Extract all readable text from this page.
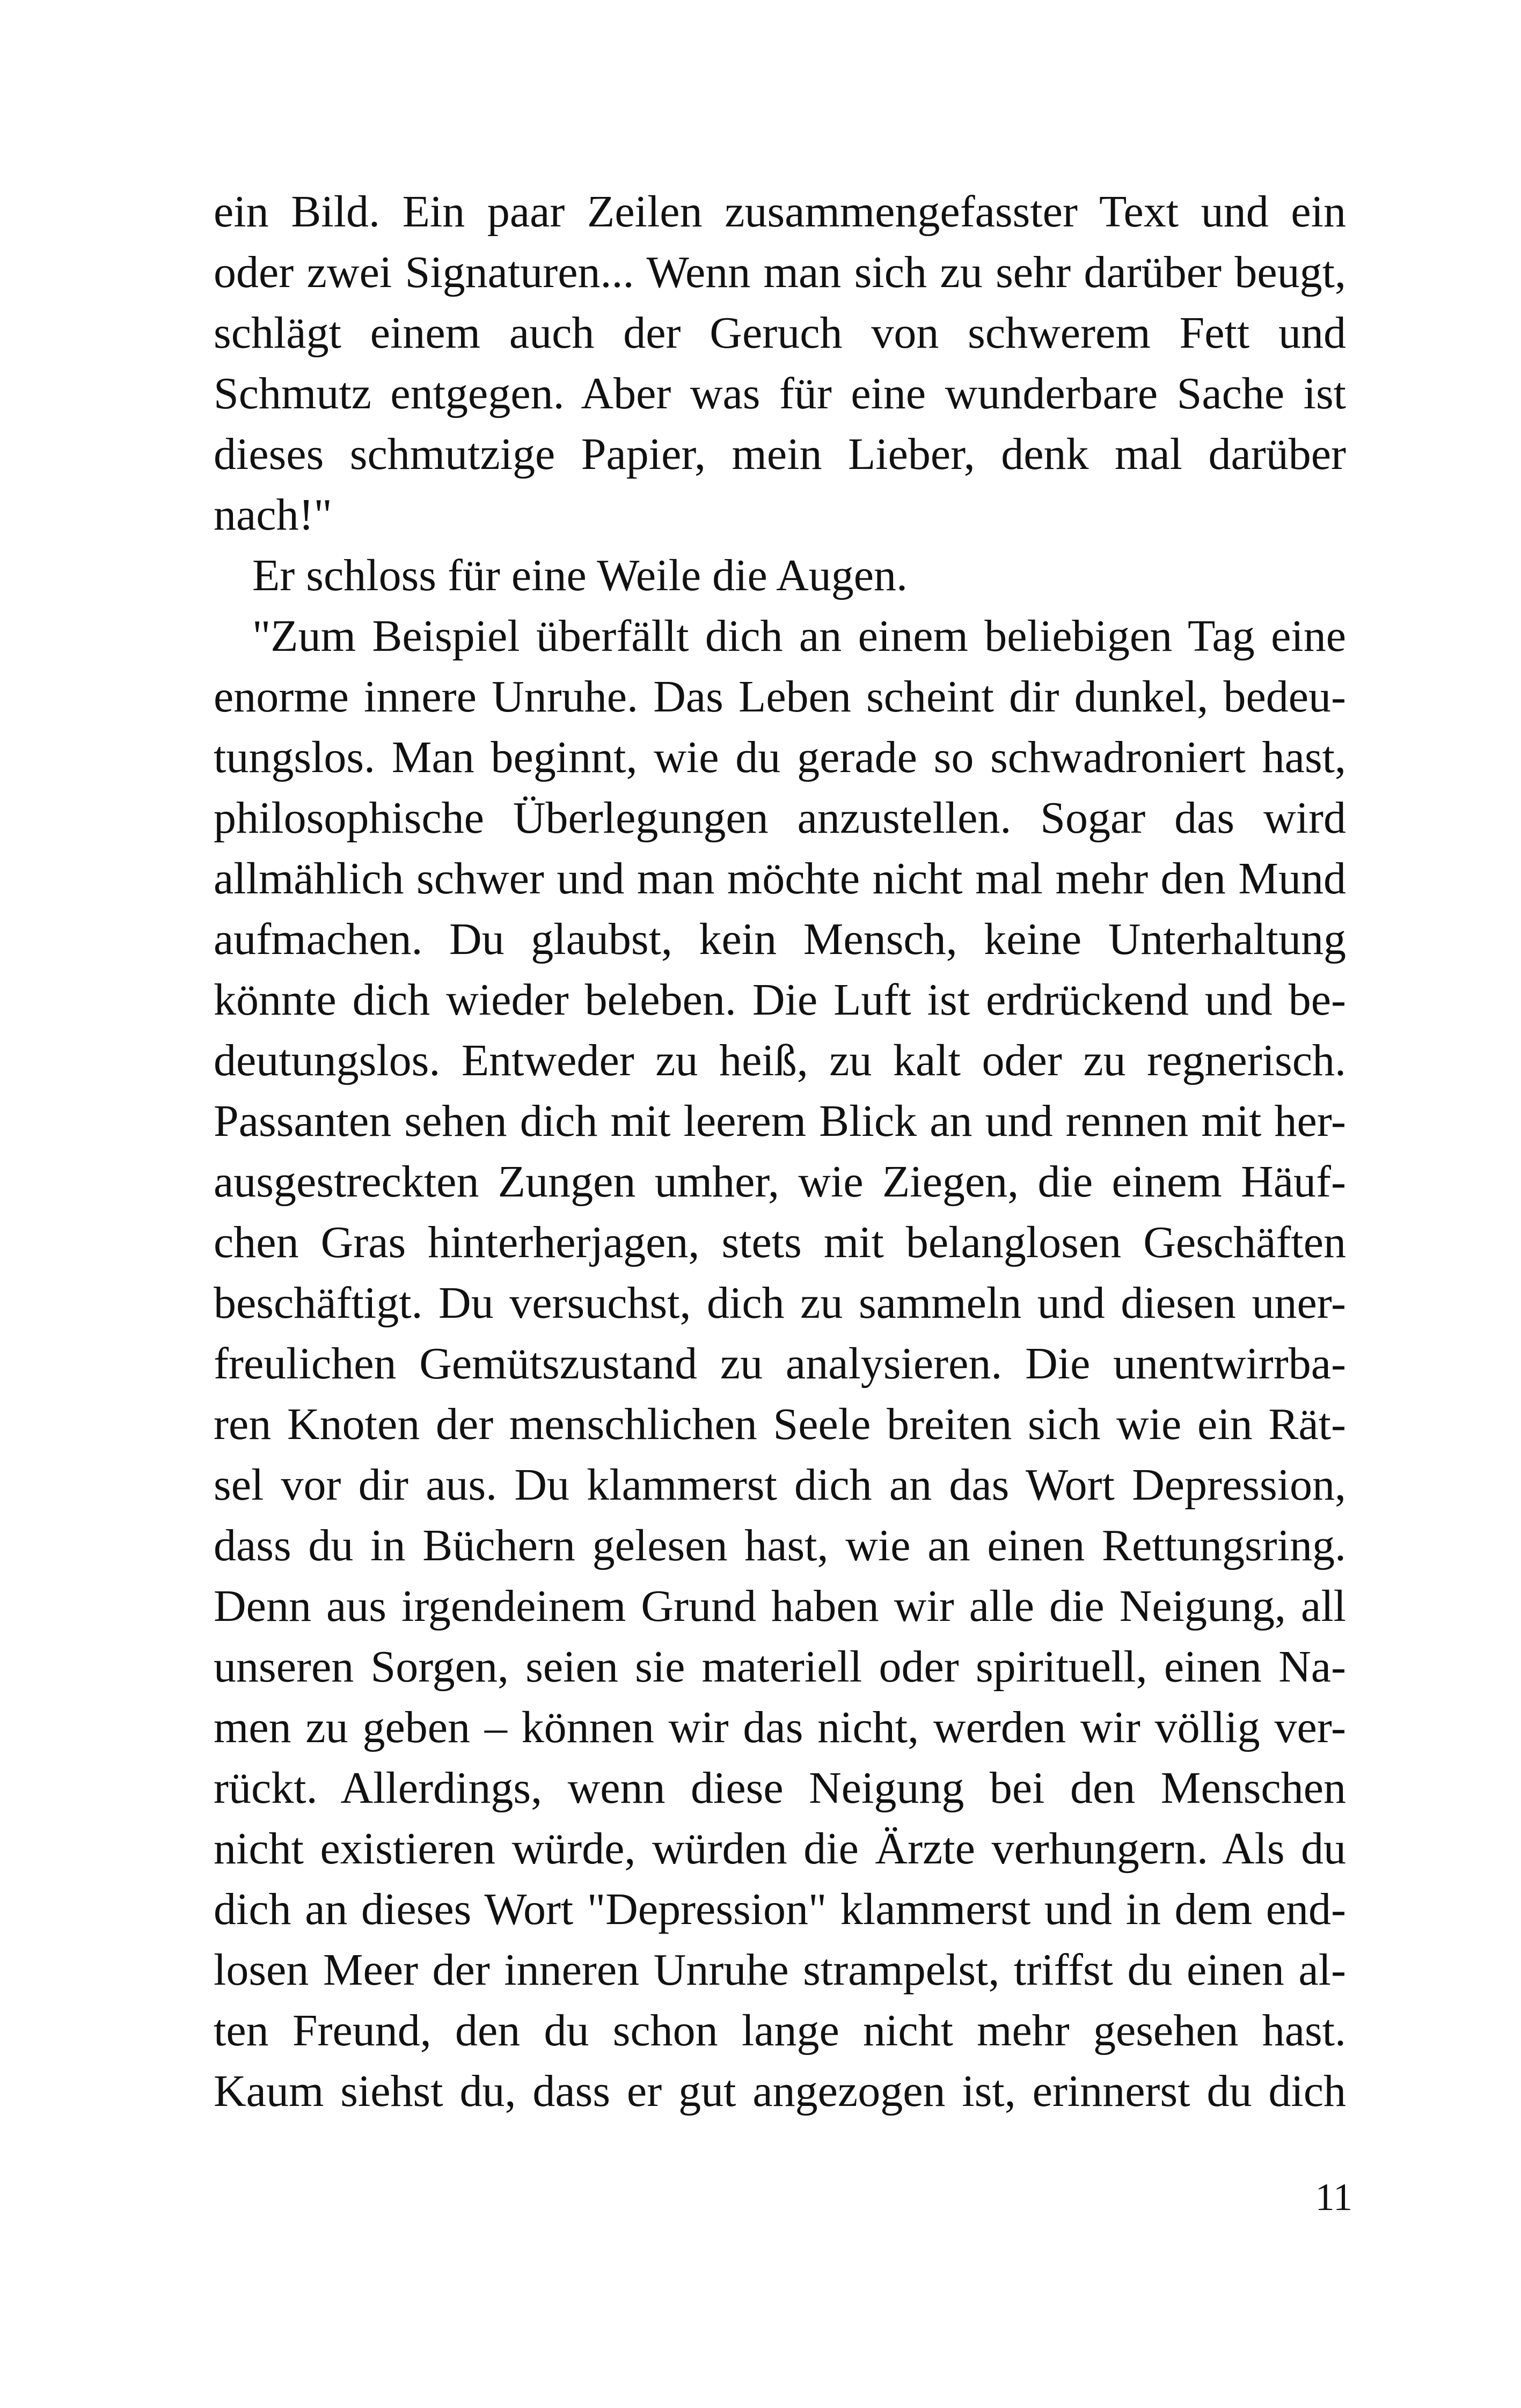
ein Bild. Ein paar Zeilen zusammengefasster Text und ein
oder zwei Signaturen... Wenn man sich zu sehr darüber beugt,
schlägt einem auch der Geruch von schwerem Fett und
Schmutz entgegen. Aber was für eine wunderbare Sache ist
dieses schmutzige Papier, mein Lieber, denk mal darüber
nach!"
Er schloss für eine Weile die Augen.
"Zum Beispiel überfällt dich an einem beliebigen Tag eine
enorme innere Unruhe. Das Leben scheint dir dunkel, bedeu-
tungslos. Man beginnt, wie du gerade so schwadroniert hast,
philosophische Überlegungen anzustellen. Sogar das wird
allmählich schwer und man möchte nicht mal mehr den Mund
aufmachen. Du glaubst, kein Mensch, keine Unterhaltung
könnte dich wieder beleben. Die Luft ist erdrückend und be-
deutungslos. Entweder zu heiß, zu kalt oder zu regnerisch.
Passanten sehen dich mit leerem Blick an und rennen mit her-
ausgestreckten Zungen umher, wie Ziegen, die einem Häuf-
chen Gras hinterherjagen, stets mit belanglosen Geschäften
beschäftigt. Du versuchst, dich zu sammeln und diesen uner-
freulichen Gemütszustand zu analysieren. Die unentwirrba-
ren Knoten der menschlichen Seele breiten sich wie ein Rät-
sel vor dir aus. Du klammerst dich an das Wort Depression,
dass du in Büchern gelesen hast, wie an einen Rettungsring.
Denn aus irgendeinem Grund haben wir alle die Neigung, all
unseren Sorgen, seien sie materiell oder spirituell, einen Na-
men zu geben – können wir das nicht, werden wir völlig ver-
rückt. Allerdings, wenn diese Neigung bei den Menschen
nicht existieren würde, würden die Ärzte verhungern. Als du
dich an dieses Wort "Depression" klammerst und in dem end-
losen Meer der inneren Unruhe strampelst, triffst du einen al-
ten Freund, den du schon lange nicht mehr gesehen hast.
Kaum siehst du, dass er gut angezogen ist, erinnerst du dich
11
